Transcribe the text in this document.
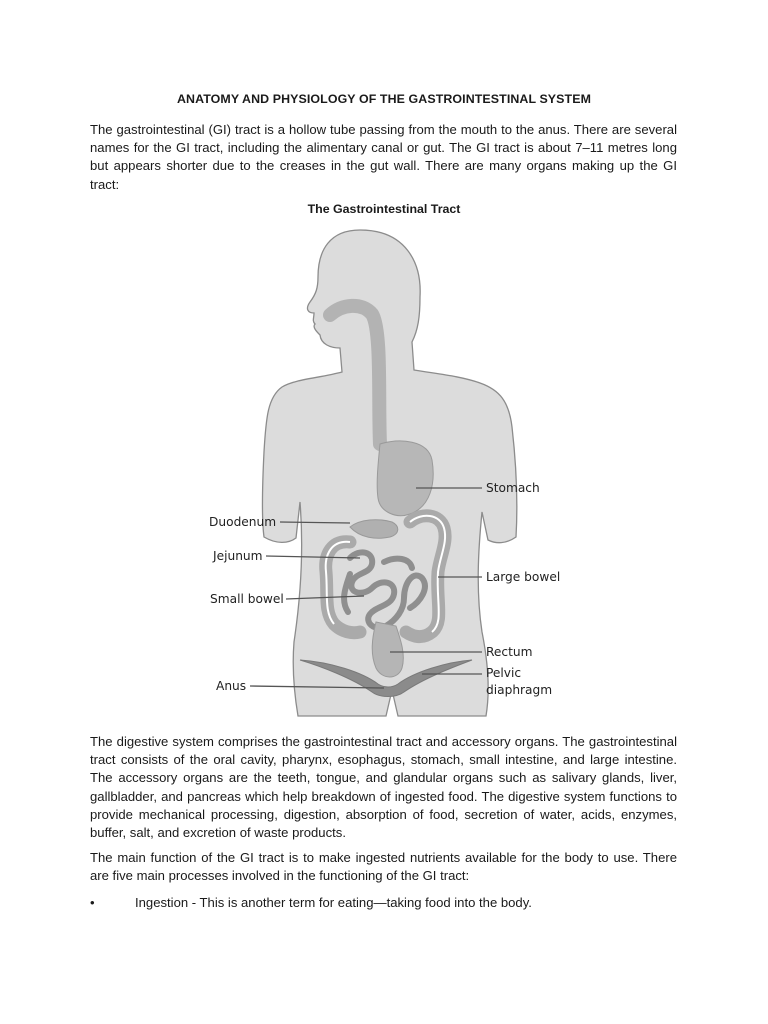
ANATOMY AND PHYSIOLOGY OF THE GASTROINTESTINAL SYSTEM

The gastrointestinal (GI) tract is a hollow tube passing from the mouth to the anus. There are several names for the GI tract, including the alimentary canal or gut. The GI tract is about 7–11 metres long but appears shorter due to the creases in the gut wall. There are many organs making up the GI tract:

The Gastrointestinal Tract
Stomach
Duodenum
Jejunum
Large bowel
Small bowel
Rectum
Pelvic
diaphragm
Anus

The digestive system comprises the gastrointestinal tract and accessory organs. The gastrointestinal tract consists of the oral cavity, pharynx, esophagus, stomach, small intestine, and large intestine. The accessory organs are the teeth, tongue, and glandular organs such as salivary glands, liver, gallbladder, and pancreas which help breakdown of ingested food. The digestive system functions to provide mechanical processing, digestion, absorption of food, secretion of water, acids, enzymes, buffer, salt, and excretion of waste products.

The main function of the GI tract is to make ingested nutrients available for the body to use. There are five main processes involved in the functioning of the GI tract:

•	Ingestion - This is another term for eating—taking food into the body.
